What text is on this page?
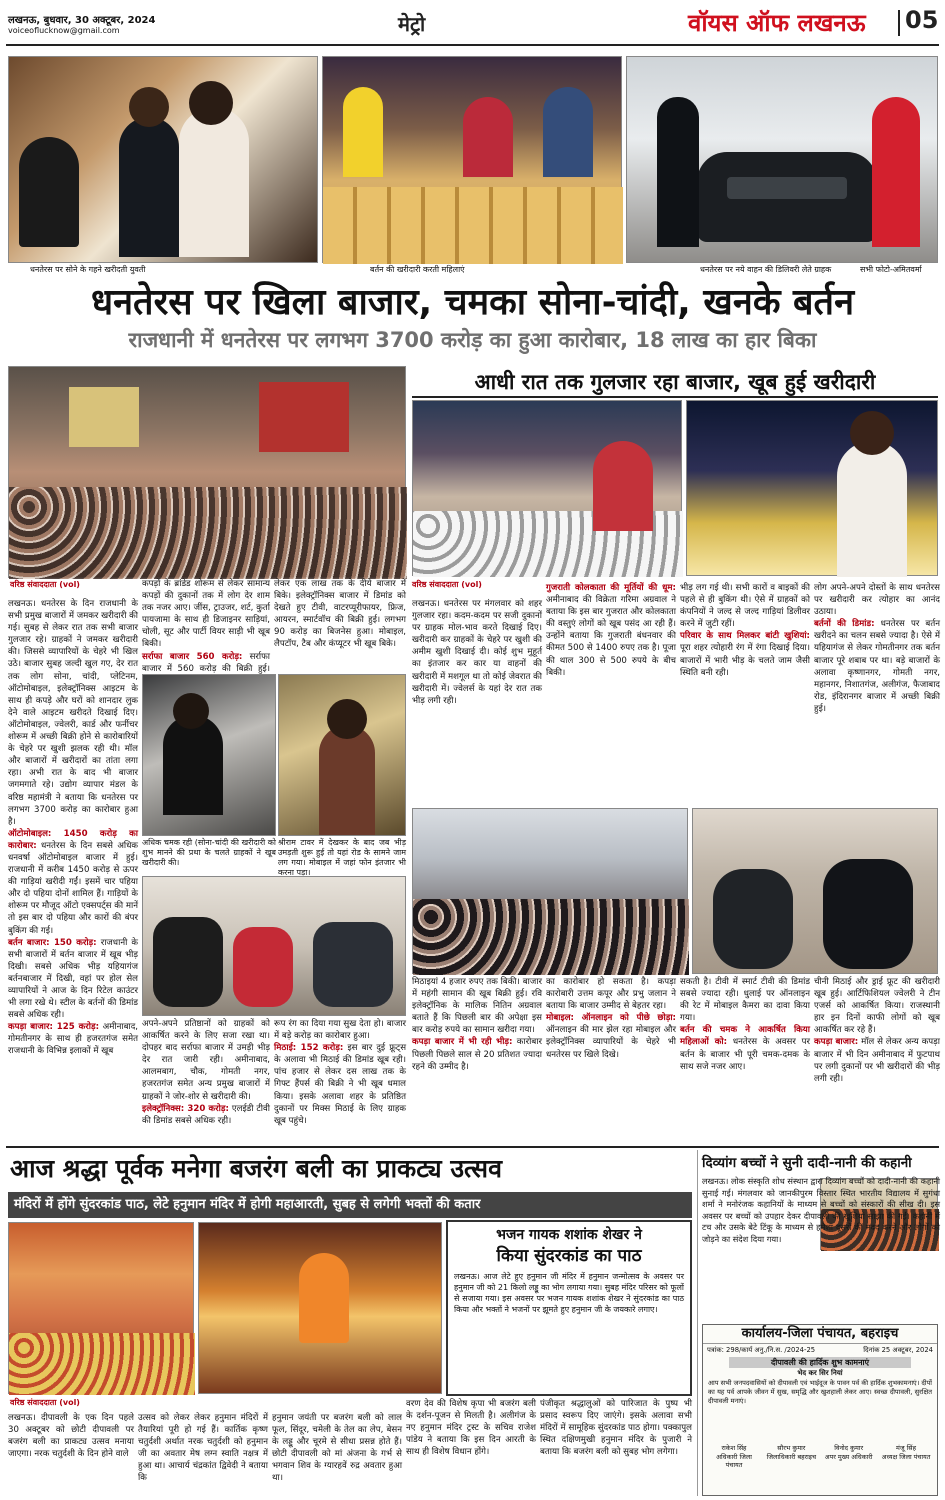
लखनऊ, बुधवार, 30 अक्टूबर, 2024
voiceoflucknow@gmail.com	मेट्रो	वॉयस ऑफ लखनऊ 05
धनतेरस पर सोने के गहने खरीदती युवती	बर्तन की खरीदारी करती महिलाएं	धनतेरस पर नये वाहन की डिलिवरी लेते ग्राहक	सभी फोटो-अमितवर्मा
धनतेरस पर खिला बाजार, चमका सोना-चांदी, खनके बर्तन
राजधानी में धनतेरस पर लगभग 3700 करोड़ का हुआ कारोबार, 18 लाख का हार बिका
वरिष्ठ संवाददाता (vol)

लखनऊ। धनतेरस के दिन राजधानी के सभी प्रमुख बाजारों में जमकर खरीदारी की गई। सुबह से लेकर रात तक सभी बाजार गुलजार रहे। ग्राहकों ने जमकर खरीदारी की। जिससे व्यापारियों के चेहरे भी खिल उठे। बाजार सुबह जल्दी खुल गए, देर रात तक लोग सोना, चांदी, प्लेटिनम, ऑटोमोबाइल, इलेक्ट्रॉनिक्स आइटम के साथ ही कपड़े और घरों को शानदार लुक देने वाले आइटम खरीदते दिखाई दिए। ऑटोमोबाइल, ज्वेलरी, कार्ड और फर्नीचर शोरूम में अच्छी बिक्री होने से कारोबारियों के चेहरे पर खुशी झलक रही थी। मॉल और बाजारों में खरीदारों का तांता लगा रहा। अभी रात के बाद भी बाजार जगमगाते रहे। उद्योग व्यापार मंडल के वरिष्ठ महामंत्री ने बताया कि धनतेरस पर लगभग 3700 करोड़ का कारोबार हुआ है।

ऑटोमोबाइल: 1450 करोड़ का कारोबार: धनतेरस के दिन सबसे अधिक धनवर्षा ऑटोमोबाइल बाजार में हुई। राजधानी में करीब 1450 करोड़ से ऊपर की गाड़ियां खरीदी गईं। इसमें चार पहिया और दो पहिया दोनों शामिल हैं। गाड़ियों के शोरूम पर मौजूद ऑटो एक्सपर्ट्स की मानें तो इस बार दो पहिया और कारों की बंपर बुकिंग की गई।

बर्तन बाजार: 150 करोड़: राजधानी के सभी बाजारों में बर्तन बाजार में खूब भीड़ दिखी। सबसे अधिक भीड़ यहियागंज बर्तनबाजार में दिखी, वहां पर होल सेल व्यापारियों ने आज के दिन रिटेल काउंटर भी लगा रखे थे। स्टील के बर्तनों की डिमांड सबसे अधिक रही।

कपड़ा बाजार: 125 करोड़: अमीनाबाद, गोमतीनगर के साथ ही हजरतगंज समेत राजधानी के विभिन्न इलाकों में खूब

कपड़ों के ब्रांडेड शोरूम से लेकर सामान्य कपड़ों की दुकानों तक में लोग देर शाम तक नजर आए। जींस, ट्राउजर, शर्ट, कुर्ता पायजामा के साथ ही डिजाइनर साड़ियां, चोली, सूट और पार्टी वियर साड़ी भी खूब बिकी।

सर्राफा बाजार 560 करोड़: सर्राफा बाजार में 560 करोड़ की बिक्री हुई।

लेकर एक लाख तक के दीये बाजार में बिके। इलेक्ट्रॉनिक्स बाजार में डिमांड को देखते हुए टीवी, वाटरप्यूरीफायर, फ्रिज, आयरन, स्मार्टवॉच की बिक्री हुई। लगभग 90 करोड़ का बिजनेस हुआ। मोबाइल, लैपटॉप, टैब और कंप्यूटर भी खूब बिके।

अधिक चमक रही (सोना-चांदी की खरीदारी को शुभ मानने की प्रथा के चलते ग्राहकों ने खूब खरीदारी की।
श्रीराम टावर में देखकर के बाद जब भीड़ उमड़ती शुरू हुई तो यहां रोड के सामने जाम लग गया। मोबाइल में जहां फोन इंतजार भी करना पड़ा।

अपने-अपने प्रतिष्ठानों को ग्राहकों को आकर्षित करने के लिए सजा रखा था। दोपहर बाद सर्राफा बाजार में उमड़ी भीड़ देर रात जारी रही। अमीनाबाद, आलमबाग, चौक, गोमती नगर, हजरतगंज समेत अन्य प्रमुख बाजारों में ग्राहकों ने जोर-शोर से खरीदारी की।

इलेक्ट्रॉनिक्स: 320 करोड़: एलईडी टीवी की डिमांड सबसे अधिक रही।

रूप रंग का दिया गया सुख देता हो। बाजार में बड़े करोड़ का कारोबार हुआ।

मिठाई: 152 करोड़: इस बार दुई फ्रूट्स के अलावा भी मिठाई की डिमांड खूब रही। पांच हजार से लेकर दस लाख तक के गिफ्ट हैंपर्स की बिक्री ने भी खूब धमाल किया। इसके अलावा शहर के प्रतिष्ठित दुकानों पर मिक्स मिठाई के लिए ग्राहक खूब पहुंचे।

आधी रात तक गुलजार रहा बाजार, खूब हुई खरीदारी
वरिष्ठ संवाददाता (vol)

लखनऊ। धनतेरस पर मंगलवार को शहर गुलजार रहा। कदम-कदम पर सजी दुकानों पर ग्राहक मोल-भाव करते दिखाई दिए। खरीदारी कर ग्राहकों के चेहरे पर खुशी की अमीम खुशी दिखाई दी। कोई शुभ मुहूर्त का इंतजार कर कार या वाहनों की खरीदारी में मशगूल था तो कोई जेवरात की खरीदारी में। ज्वेलर्स के यहां देर रात तक भीड़ लगी रही।

गुजराती कोलकाता की मूर्तियों की धूम: अमीनाबाद की विक्रेता गरिमा अग्रवाल ने बताया कि इस बार गुजरात और कोलकाता की वस्तुएं लोगों को खूब पसंद आ रही हैं। उन्होंने बताया कि गुजराती बंधनवार की कीमत 500 से 1400 रुपए तक है। पूजा की थाल 300 से 500 रुपये के बीच बिकी।

भीड़ लग गई थी। सभी कारों व बाइकों की पहले से ही बुकिंग थी। ऐसे में ग्राहकों को कंपनियों ने जल्द से जल्द गाड़ियां डिलीवर करने में जुटी रहीं।

परिवार के साथ मिलकर बांटी खुशियां: पूरा शहर त्योहारी रंग में रंगा दिखाई दिया। बाजारों में भारी भीड़ के चलते जाम जैसी स्थिति बनी रही।

लोग अपने-अपने दोस्तों के साथ धनतेरस पर खरीदारी कर त्योहार का आनंद उठाया।

बर्तनों की डिमांड: धनतेरस पर बर्तन खरीदने का चलन सबसे ज्यादा है। ऐसे में यहियागंज से लेकर गोमतीनगर तक बर्तन बाजार पूरे शबाब पर था। बड़े बाजारों के अलावा कृष्णानगर, गोमती नगर, महानगर, निशातगंज, अलीगंज, फैजाबाद रोड, इंदिरानगर बाजार में अच्छी बिक्री हुई।

मिठाइयां 4 हजार रुपए तक बिकी। बाजार में महंगी सामान की खूब बिक्री हुई। रवि इलेक्ट्रॉनिक के मालिक नितिन अग्रवाल बताते हैं कि पिछली बार की अपेक्षा इस बार करोड़ रुपये का सामान खरीदा गया।

कपड़ा बाजार में भी रही भीड़: कारोबार पिछली पिछले साल से 20 प्रतिशत ज्यादा रहने की उम्मीद है।

का कारोबार हो सकता है। कपड़ा कारोबारी उत्तम कपूर और प्रभु जलान ने बताया कि बाजार उम्मीद से बेहतर रहा।

मोबाइल: ऑनलाइन को पीछे छोड़ा: ऑनलाइन की मार झेल रहा मोबाइल और इलेक्ट्रॉनिक्स व्यापारियों के चेहरे भी धनतेरस पर खिले दिखे।

सकती है। टीवी में स्मार्ट टीवी की डिमांड सबसे ज्यादा रही। धुलाई पर ऑनलाइन की रेट में मोबाइल कैमरा का दावा किया गया।

बर्तन की चमक ने आकर्षित किया महिलाओं को: धनतेरस के अवसर पर बर्तन के बाजार भी पूरी चमक-दमक के साथ सजे नजर आए।

चीनी मिठाई और ड्राई फ्रूट की खरीदारी खूब हुई। आर्टिफिशियल ज्वेलरी ने टीन एजर्स को आकर्षित किया। राजस्थानी हार इन दिनों काफी लोगों को खूब आकर्षित कर रहे हैं।

कपड़ा बाजार: मॉल से लेकर अन्य कपड़ा बाजार में भी दिन अमीनाबाद में फुटपाथ पर लगी दुकानों पर भी खरीदारों की भीड़ लगी रही।

आज श्रद्धा पूर्वक मनेगा बजरंग बली का प्राकट्य उत्सव
मंदिरों में होंगे सुंदरकांड पाठ, लेटे हनुमान मंदिर में होगी महाआरती, सुबह से लगेगी भक्तों की कतार
भजन गायक शशांक शेखर ने
किया सुंदरकांड का पाठ
लखनऊ। आज लेटे हुए हनुमान जी मंदिर में हनुमान जन्मोत्सव के अवसर पर हनुमान जी को 21 किलो लड्डू का भोग लगाया गया। सुबह मंदिर परिसर को फूलों से सजाया गया। इस अवसर पर भजन गायक शशांक शेखर ने सुंदरकांड का पाठ किया और भक्तों ने भजनों पर झूमते हुए हनुमान जी के जयकारे लगाए।
वरिष्ठ संवाददाता (vol)
लखनऊ। दीपावली के एक दिन पहले 30 अक्टूबर को छोटी दीपावली पर बजरंग बली का प्राकट्य उत्सव मनाया जाएगा। नरक चतुर्दशी के दिन होने वाले
उत्सव को लेकर लेकर हनुमान मंदिरों में तैयारियां पूरी हो गई हैं। कार्तिक कृष्ण चतुर्दशी अर्थात नरक चतुर्दशी को हनुमान जी का अवतार मेष लग्न स्वाति नक्षत्र में हुआ था। आचार्य चंद्रकांत द्विवेदी ने बताया कि
हनुमान जयंती पर बजरंग बली को लाल फूल, सिंदूर, चमेली के तेल का लेप, बेसन के लड्डू और चूरमे से सीधा प्रसन्न होते हैं। छोटी दीपावली को मां अंजना के गर्भ से भगवान शिव के ग्यारहवें रुद्र अवतार हुआ था।
वरण देव की विशेष कृपा भी बजरंग बली के दर्शन-पूजन से मिलती है। अलीगंज के नए हनुमान मंदिर ट्रस्ट के सचिव राजेश पांडेय ने बताया कि इस दिन आरती के साथ ही विशेष विधान होंगे।
पंजीकृत श्रद्धालुओं को पारिजात के पुष्प भी प्रसाद स्वरूप दिए जाएंगे। इसके अलावा सभी मंदिरों में सामूहिक सुंदरकांड पाठ होगा। पक्कापुल स्थित दक्षिणमुखी हनुमान मंदिर के पुजारी ने बताया कि बजरंग बली को सुबह भोग लगेगा।
दिव्यांग बच्चों ने सुनी दादी-नानी की कहानी
लखनऊ। लोक संस्कृति शोध संस्थान द्वारा दिव्यांग बच्चों को दादी-नानी की कहानी सुनाई गई। मंगलवार को जानकीपुरम विस्तार स्थित भारतीय विद्यालय में सुगंधा शर्मा ने मनोरंजक कहानियों के माध्यम से बच्चों को संस्कारों की सीख दी। इस अवसर पर बच्चों को उपहार देकर दीपावली की खुशियां साझा की गईं। कहानी में टच और उसके बेटे टिंकू के माध्यम से हमेशा दूसरों की मदद करने और लोगों को जोड़ने का संदेश दिया गया।
कार्यालय-जिला पंचायत, बहराइच
पत्रांक: 298/कार्य अनु./नि.स. /2024-25	दिनांक 25 अक्टूबर, 2024
दीपावली की हार्दिक शुभ कामनाएं
भेद कर सिर नियां
आप सभी जनपदवासियों को दीपावली एवं भाईदूज के पावन पर्व की हार्दिक शुभकामनाएं। दीपों का यह पर्व आपके जीवन में सुख, समृद्धि और खुशहाली लेकर आए। स्वच्छ दीपावली, सुरक्षित दीपावली मनाएं।
राकेश सिंह
अधिकारी जिला पंचायत
सौरभ कुमार
जिलाधिकारी बहराइच
विनोद कुमार
अपर मुख्य अधिकारी
मंजू सिंह
अध्यक्ष जिला पंचायत
